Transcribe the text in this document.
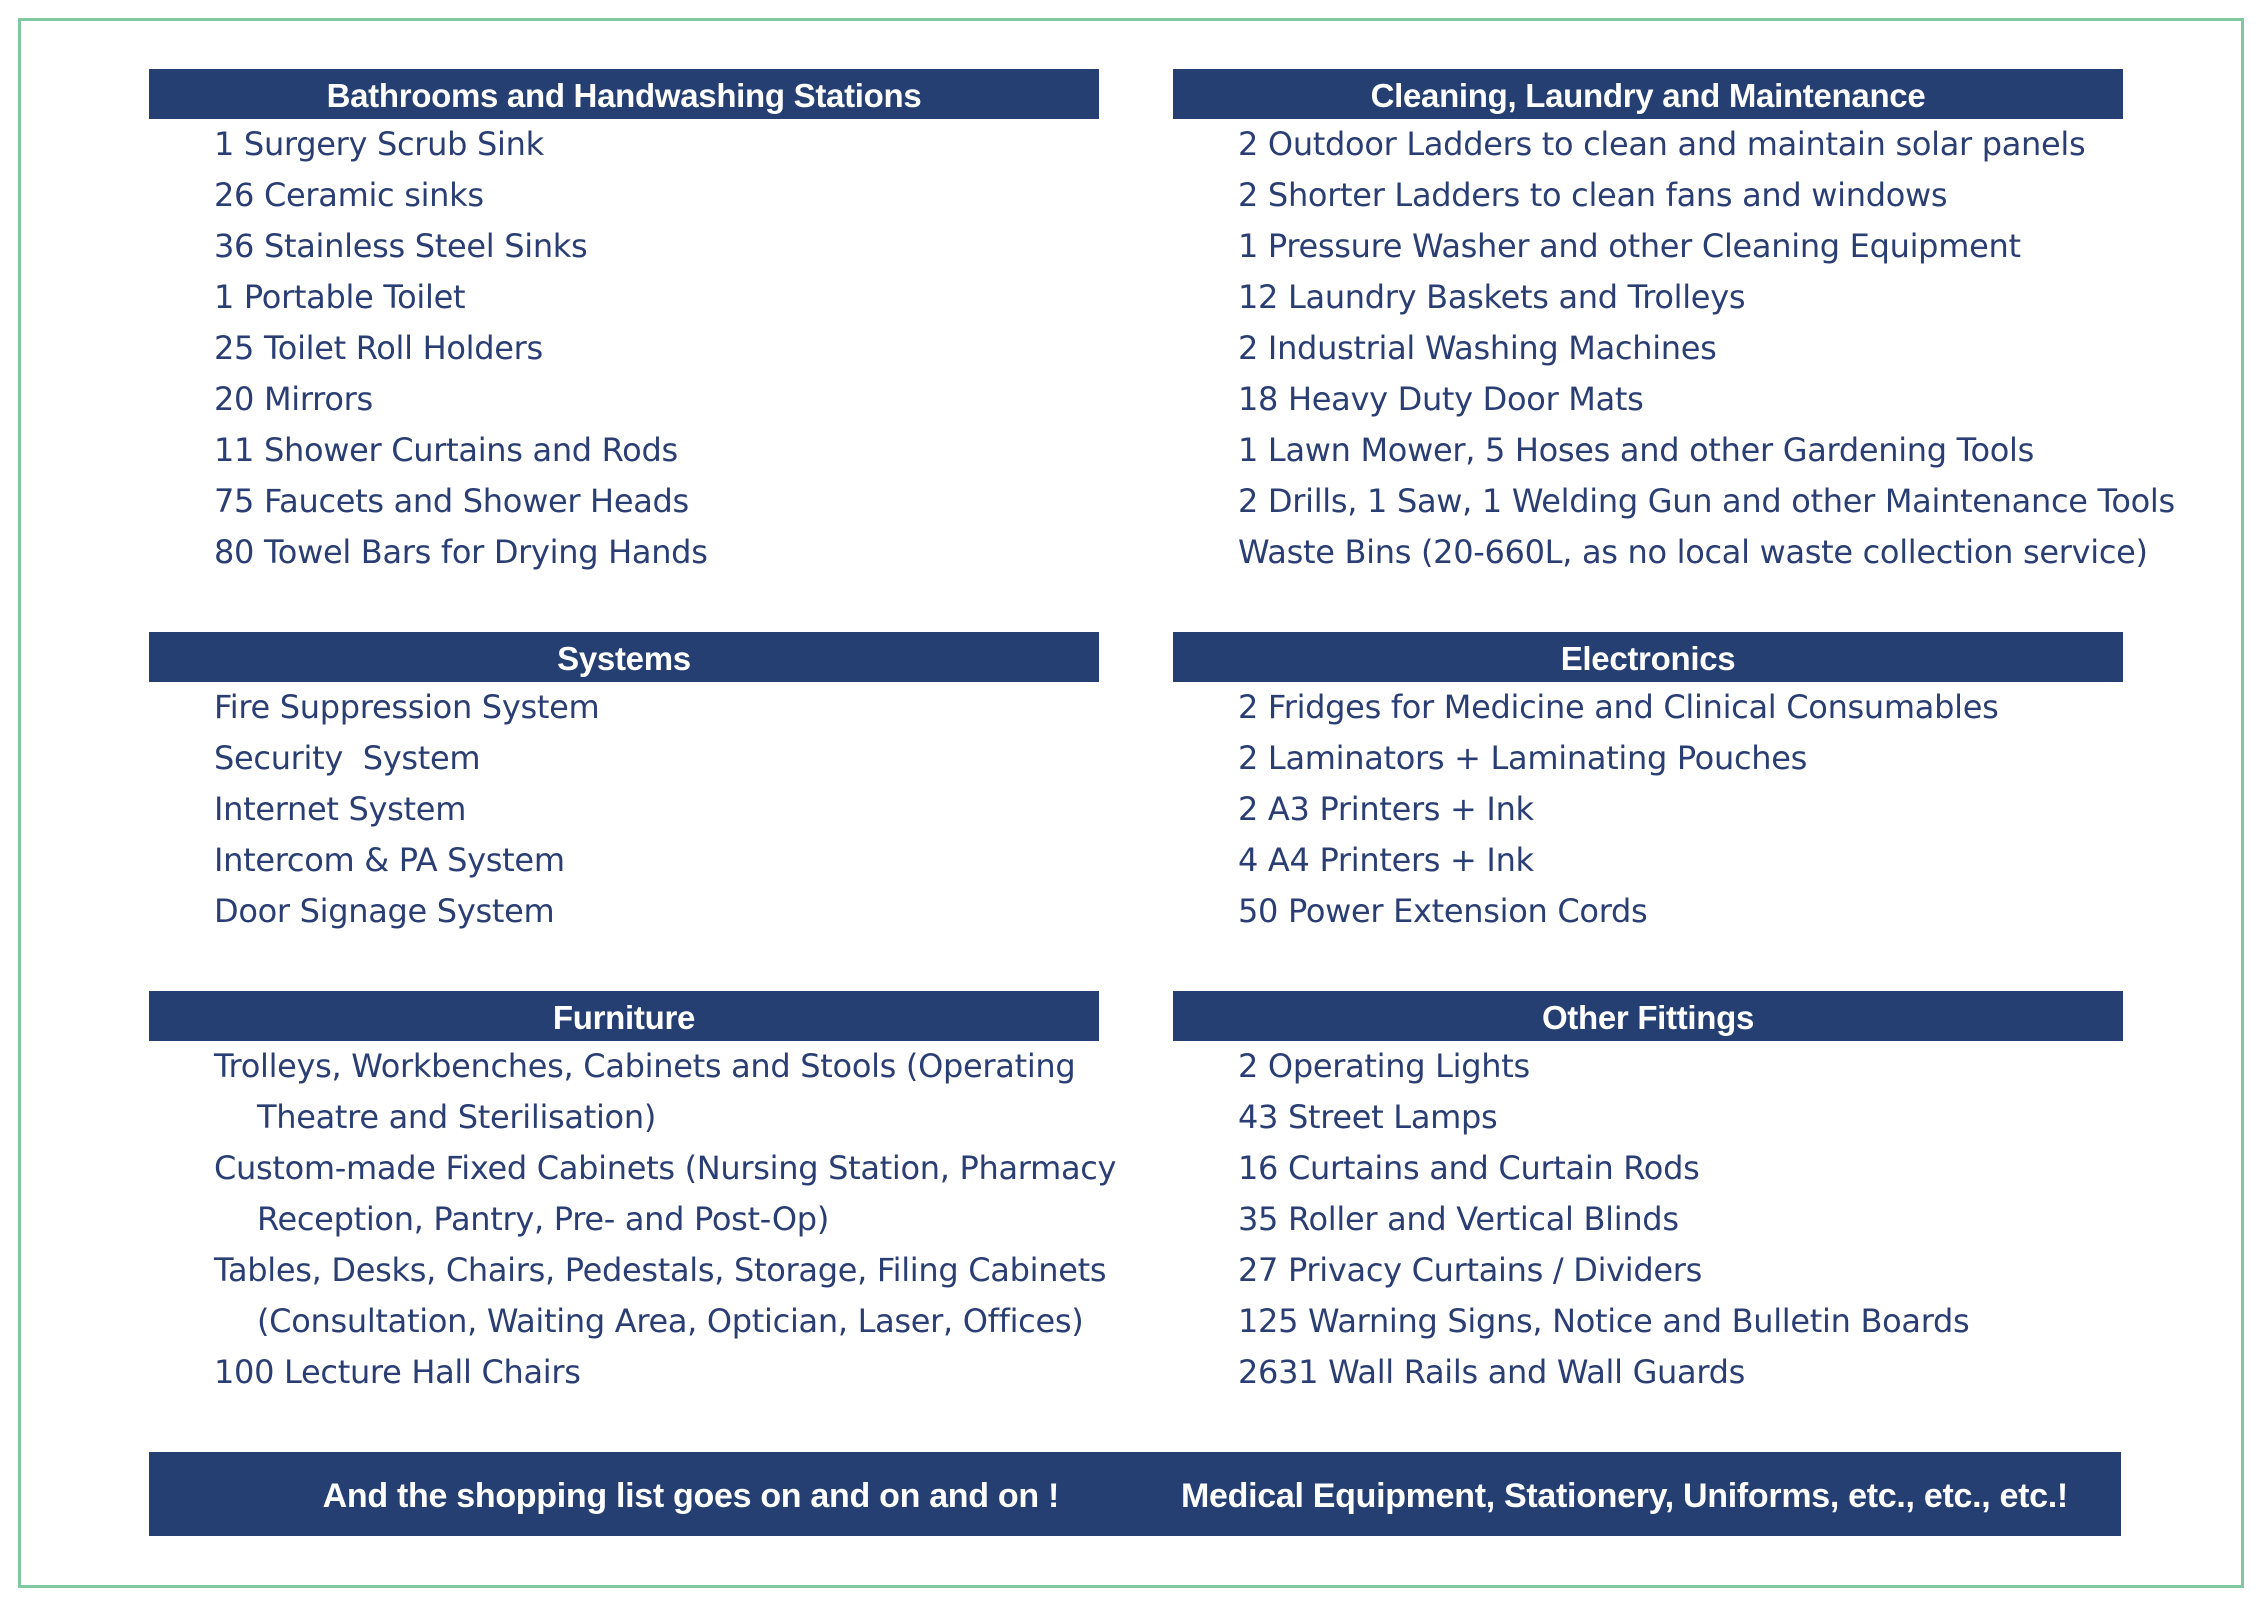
Bathrooms and Handwashing Stations
1 Surgery Scrub Sink
26 Ceramic sinks
36 Stainless Steel Sinks
1 Portable Toilet
25 Toilet Roll Holders
20 Mirrors
11 Shower Curtains and Rods
75 Faucets and Shower Heads
80 Towel Bars for Drying Hands
Cleaning, Laundry and Maintenance
2 Outdoor Ladders to clean and maintain solar panels
2 Shorter Ladders to clean fans and windows
1 Pressure Washer and other Cleaning Equipment
12 Laundry Baskets and Trolleys
2 Industrial Washing Machines
18 Heavy Duty Door Mats
1 Lawn Mower, 5 Hoses and other Gardening Tools
2 Drills, 1 Saw, 1 Welding Gun and other Maintenance Tools
Waste Bins (20-660L, as no local waste collection service)
Systems
Fire Suppression System
Security  System
Internet System
Intercom & PA System
Door Signage System
Electronics
2 Fridges for Medicine and Clinical Consumables
2 Laminators + Laminating Pouches
2 A3 Printers + Ink
4 A4 Printers + Ink
50 Power Extension Cords
Furniture
Trolleys, Workbenches, Cabinets and Stools (Operating
Theatre and Sterilisation)
Custom-made Fixed Cabinets (Nursing Station, Pharmacy
Reception, Pantry, Pre- and Post-Op)
Tables, Desks, Chairs, Pedestals, Storage, Filing Cabinets
(Consultation, Waiting Area, Optician, Laser, Offices)
100 Lecture Hall Chairs
Other Fittings
2 Operating Lights
43 Street Lamps
16 Curtains and Curtain Rods
35 Roller and Vertical Blinds
27 Privacy Curtains / Dividers
125 Warning Signs, Notice and Bulletin Boards
2631 Wall Rails and Wall Guards
And the shopping list goes on and on and on !	Medical Equipment, Stationery, Uniforms, etc., etc., etc.!
